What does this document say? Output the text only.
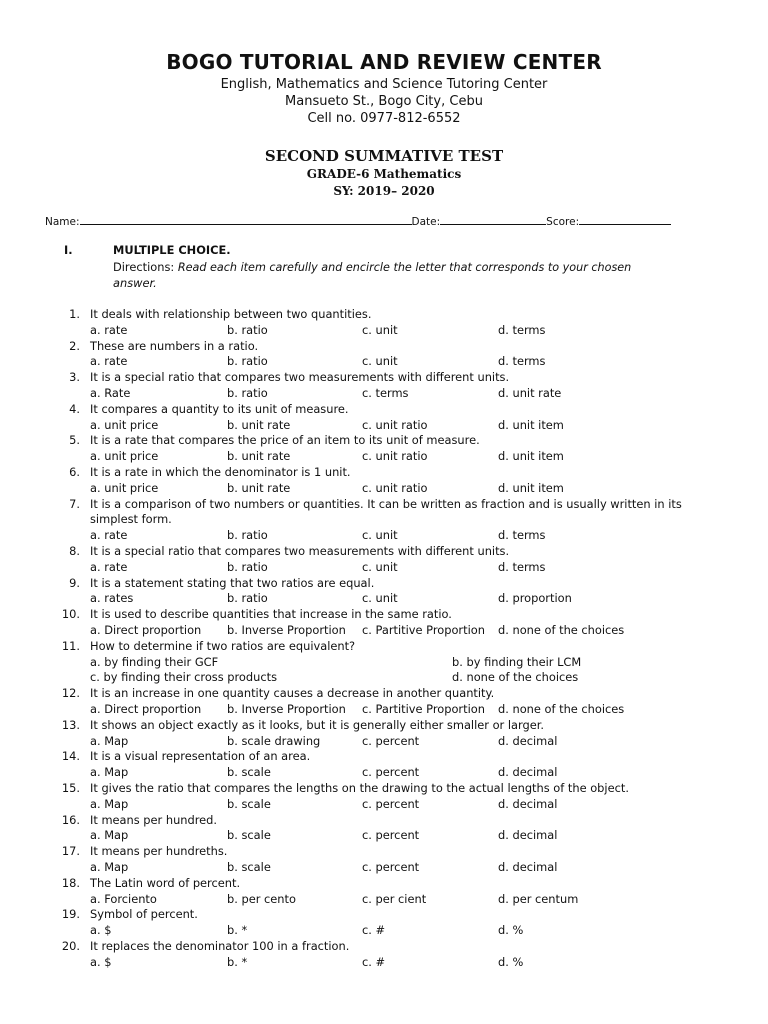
BOGO TUTORIAL AND REVIEW CENTER
English, Mathematics and Science Tutoring Center
Mansueto St., Bogo City, Cebu
Cell no. 0977-812-6552
SECOND SUMMATIVE TEST
GRADE-6 Mathematics
SY: 2019– 2020
Name:	Date:	Score:
I.	MULTIPLE CHOICE.
Directions: Read each item carefully and encircle the letter that corresponds to your chosen
answer.
1. It deals with relationship between two quantities.
a. rate	b. ratio	c. unit	d. terms
2. These are numbers in a ratio.
a. rate	b. ratio	c. unit	d. terms
3. It is a special ratio that compares two measurements with different units.
a. Rate	b. ratio	c. terms	d. unit rate
4. It compares a quantity to its unit of measure.
a. unit price	b. unit rate	c. unit ratio	d. unit item
5. It is a rate that compares the price of an item to its unit of measure.
a. unit price	b. unit rate	c. unit ratio	d. unit item
6. It is a rate in which the denominator is 1 unit.
a. unit price	b. unit rate	c. unit ratio	d. unit item
7. It is a comparison of two numbers or quantities. It can be written as fraction and is usually written in its
simplest form.
a. rate	b. ratio	c. unit	d. terms
8. It is a special ratio that compares two measurements with different units.
a. rate	b. ratio	c. unit	d. terms
9. It is a statement stating that two ratios are equal.
a. rates	b. ratio	c. unit	d. proportion
10. It is used to describe quantities that increase in the same ratio.
a. Direct proportion b. Inverse Proportion c. Partitive Proportion d. none of the choices
11. How to determine if two ratios are equivalent?
a. by finding their GCF	b. by finding their LCM
c. by finding their cross products	d. none of the choices
12. It is an increase in one quantity causes a decrease in another quantity.
a. Direct proportion b. Inverse Proportion c. Partitive Proportion d. none of the choices
13. It shows an object exactly as it looks, but it is generally either smaller or larger.
a. Map	b. scale drawing	c. percent	d. decimal
14. It is a visual representation of an area.
a. Map	b. scale	c. percent	d. decimal
15. It gives the ratio that compares the lengths on the drawing to the actual lengths of the object.
a. Map	b. scale	c. percent	d. decimal
16. It means per hundred.
a. Map	b. scale	c. percent	d. decimal
17. It means per hundreths.
a. Map	b. scale	c. percent	d. decimal
18. The Latin word of percent.
a. Forciento	b. per cento	c. per cient	d. per centum
19. Symbol of percent.
a. $	b. *	c. #	d. %
20. It replaces the denominator 100 in a fraction.
a. $	b. *	c. #	d. %
